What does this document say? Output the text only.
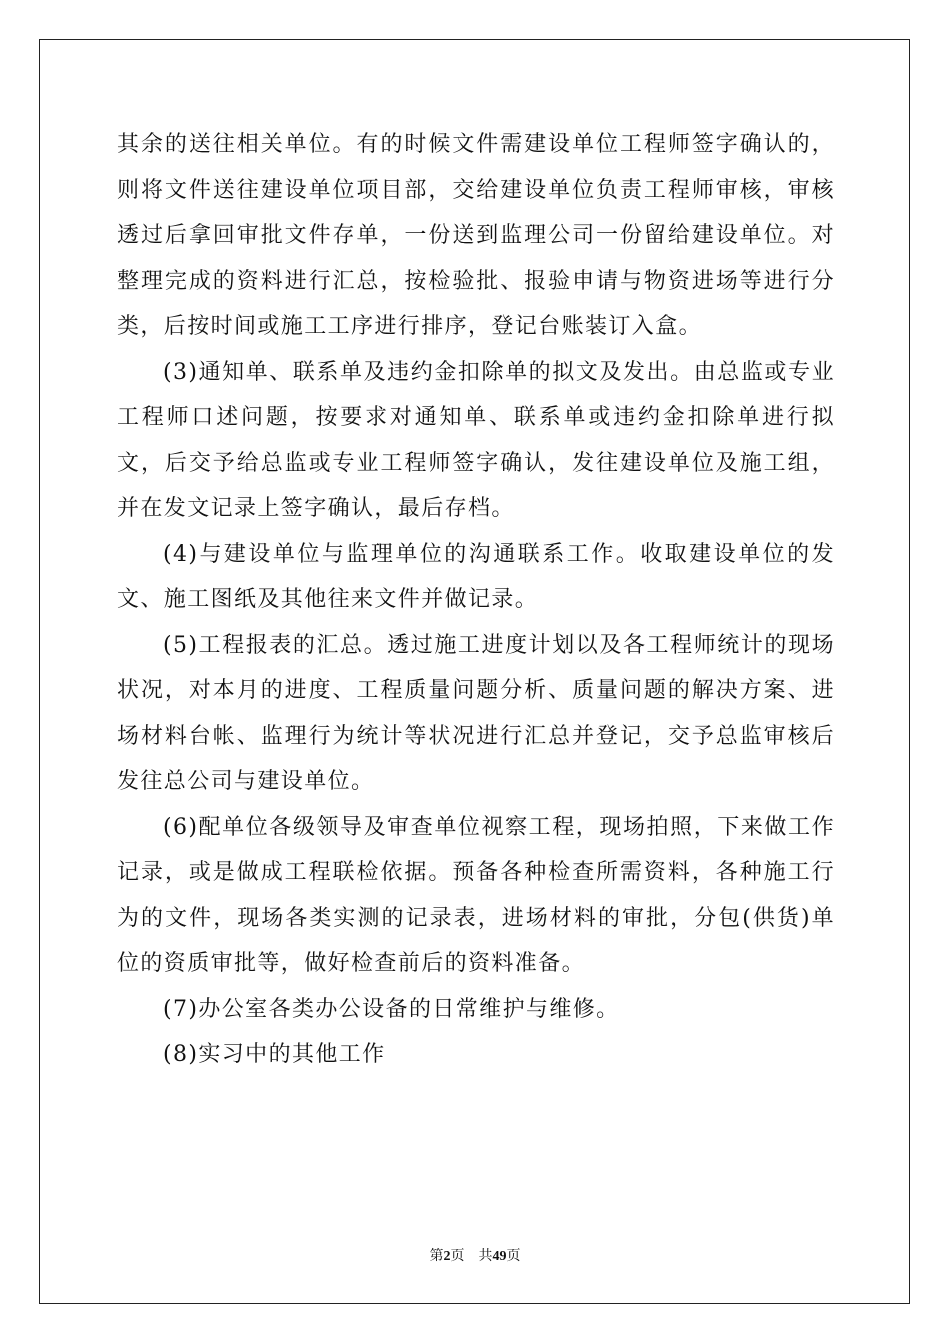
其余的送往相关单位。有的时候文件需建设单位工程师签字确认的，则将文件送往建设单位项目部，交给建设单位负责工程师审核，审核透过后拿回审批文件存单，一份送到监理公司一份留给建设单位。对整理完成的资料进行汇总，按检验批、报验申请与物资进场等进行分类，后按时间或施工工序进行排序，登记台账装订入盒。

(3)通知单、联系单及违约金扣除单的拟文及发出。由总监或专业工程师口述问题，按要求对通知单、联系单或违约金扣除单进行拟文，后交予给总监或专业工程师签字确认，发往建设单位及施工组，并在发文记录上签字确认，最后存档。

(4)与建设单位与监理单位的沟通联系工作。收取建设单位的发文、施工图纸及其他往来文件并做记录。

(5)工程报表的汇总。透过施工进度计划以及各工程师统计的现场状况，对本月的进度、工程质量问题分析、质量问题的解决方案、进场材料台帐、监理行为统计等状况进行汇总并登记，交予总监审核后发往总公司与建设单位。

(6)配单位各级领导及审查单位视察工程，现场拍照，下来做工作记录，或是做成工程联检依据。预备各种检查所需资料，各种施工行为的文件，现场各类实测的记录表，进场材料的审批，分包(供货)单位的资质审批等，做好检查前后的资料准备。

(7)办公室各类办公设备的日常维护与维修。

(8)实习中的其他工作

第2页 共49页
